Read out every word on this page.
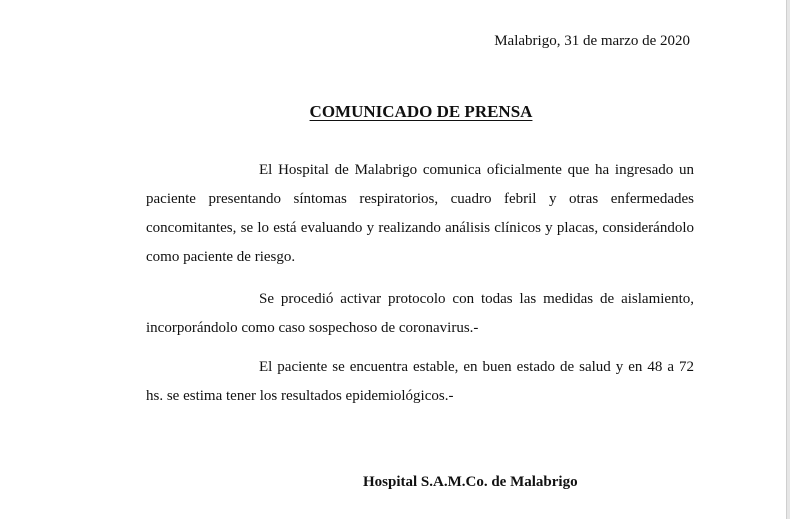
Malabrigo, 31 de marzo de 2020
COMUNICADO DE PRENSA

El Hospital de Malabrigo comunica oficialmente que ha ingresado un paciente presentando síntomas respiratorios, cuadro febril y otras enfermedades concomitantes, se lo está evaluando y realizando análisis clínicos y placas, considerándolo como paciente de riesgo.

Se procedió activar protocolo con todas las medidas de aislamiento, incorporándolo como caso sospechoso de coronavirus.-

El paciente se encuentra estable, en buen estado de salud y en 48 a 72 hs. se estima tener los resultados epidemiológicos.-

Hospital S.A.M.Co. de Malabrigo
